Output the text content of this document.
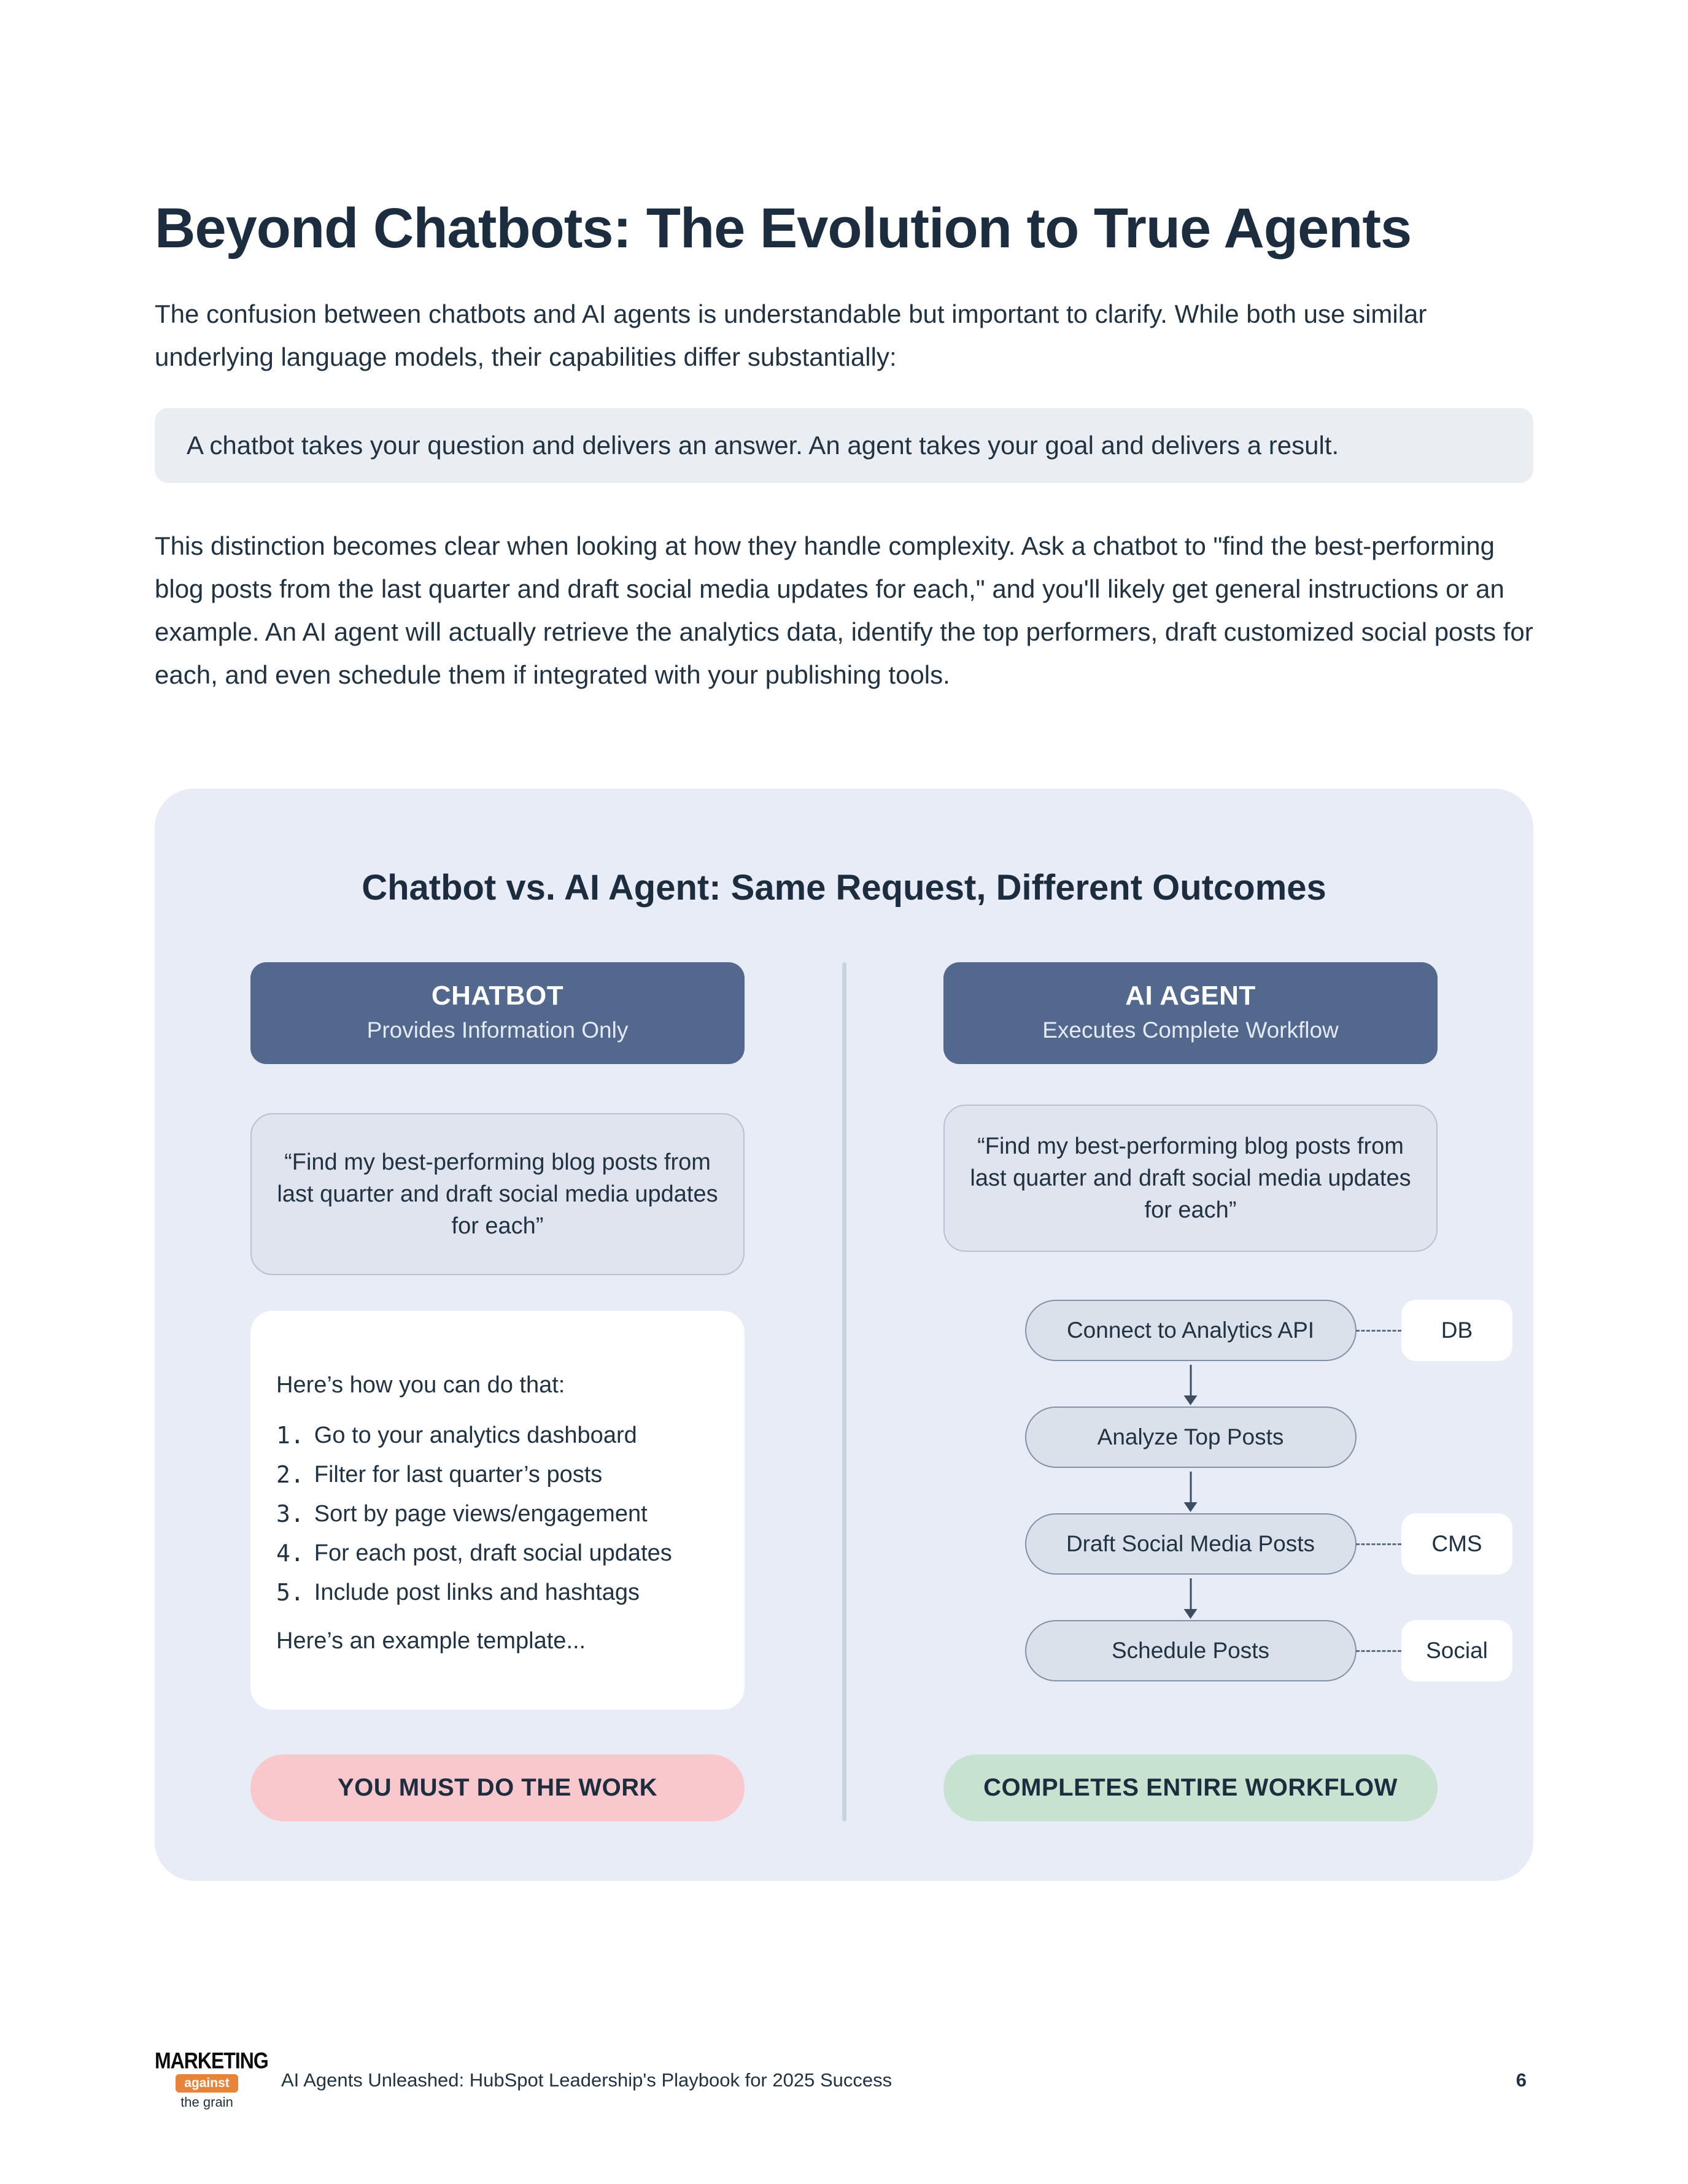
Beyond Chatbots: The Evolution to True Agents

The confusion between chatbots and AI agents is understandable but important to clarify. While both use similar underlying language models, their capabilities differ substantially:

A chatbot takes your question and delivers an answer. An agent takes your goal and delivers a result.

This distinction becomes clear when looking at how they handle complexity. Ask a chatbot to "find the best-performing blog posts from the last quarter and draft social media updates for each," and you'll likely get general instructions or an example. An AI agent will actually retrieve the analytics data, identify the top performers, draft customized social posts for each, and even schedule them if integrated with your publishing tools.

Chatbot vs. AI Agent: Same Request, Different Outcomes
CHATBOT
Provides Information Only
“Find my best-performing blog posts from last quarter and draft social media updates for each”
Here’s how you can do that:
1. Go to your analytics dashboard
2. Filter for last quarter’s posts
3. Sort by page views/engagement
4. For each post, draft social updates
5. Include post links and hashtags
Here’s an example template...
YOU MUST DO THE WORK
AI AGENT
Executes Complete Workflow
“Find my best-performing blog posts from last quarter and draft social media updates for each”
Connect to Analytics API	DB
Analyze Top Posts
Draft Social Media Posts	CMS
Schedule Posts	Social
COMPLETES ENTIRE WORKFLOW
MARKETING
against
the grain
AI Agents Unleashed: HubSpot Leadership's Playbook for 2025 Success	6
